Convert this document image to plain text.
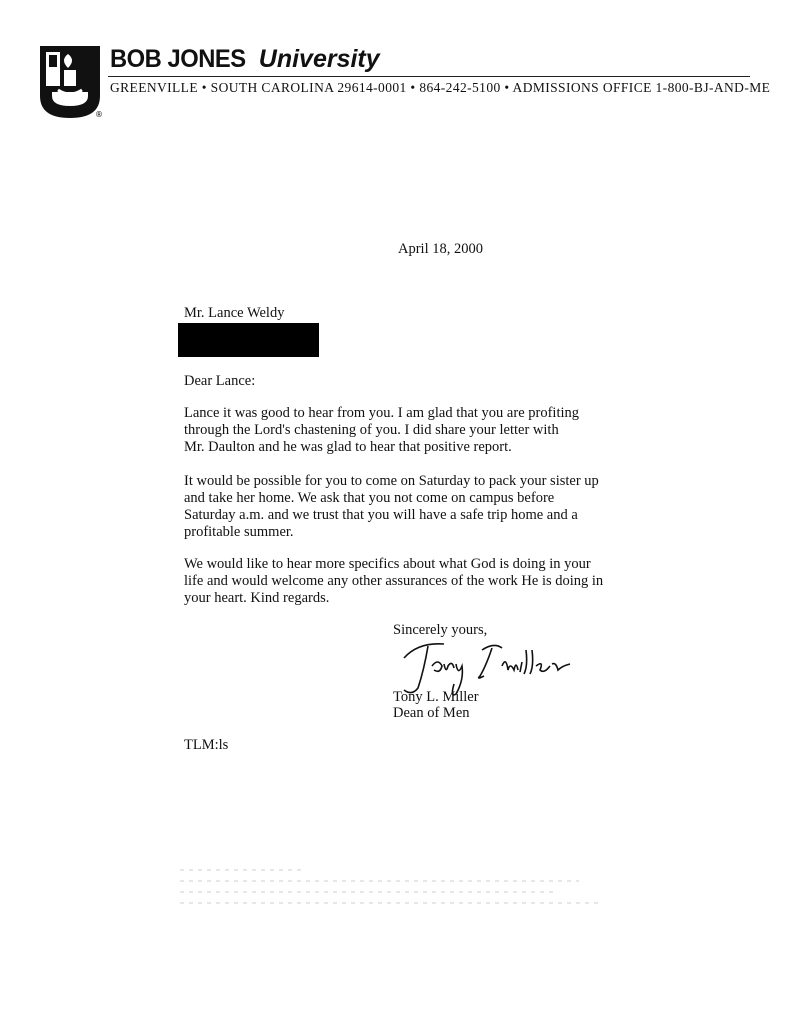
BOB JONES University
GREENVILLE • SOUTH CAROLINA 29614-0001 • 864-242-5100 • ADMISSIONS OFFICE 1-800-BJ-AND-ME
®
April 18, 2000
Mr. Lance Weldy
Dear Lance:
Lance it was good to hear from you. I am glad that you are profiting
through the Lord's chastening of you. I did share your letter with
Mr. Daulton and he was glad to hear that positive report.
It would be possible for you to come on Saturday to pack your sister up
and take her home. We ask that you not come on campus before
Saturday a.m. and we trust that you will have a safe trip home and a
profitable summer.
We would like to hear more specifics about what God is doing in your
life and would welcome any other assurances of the work He is doing in
your heart. Kind regards.
Sincerely yours,
Tony L. Miller
Dean of Men
TLM:ls
